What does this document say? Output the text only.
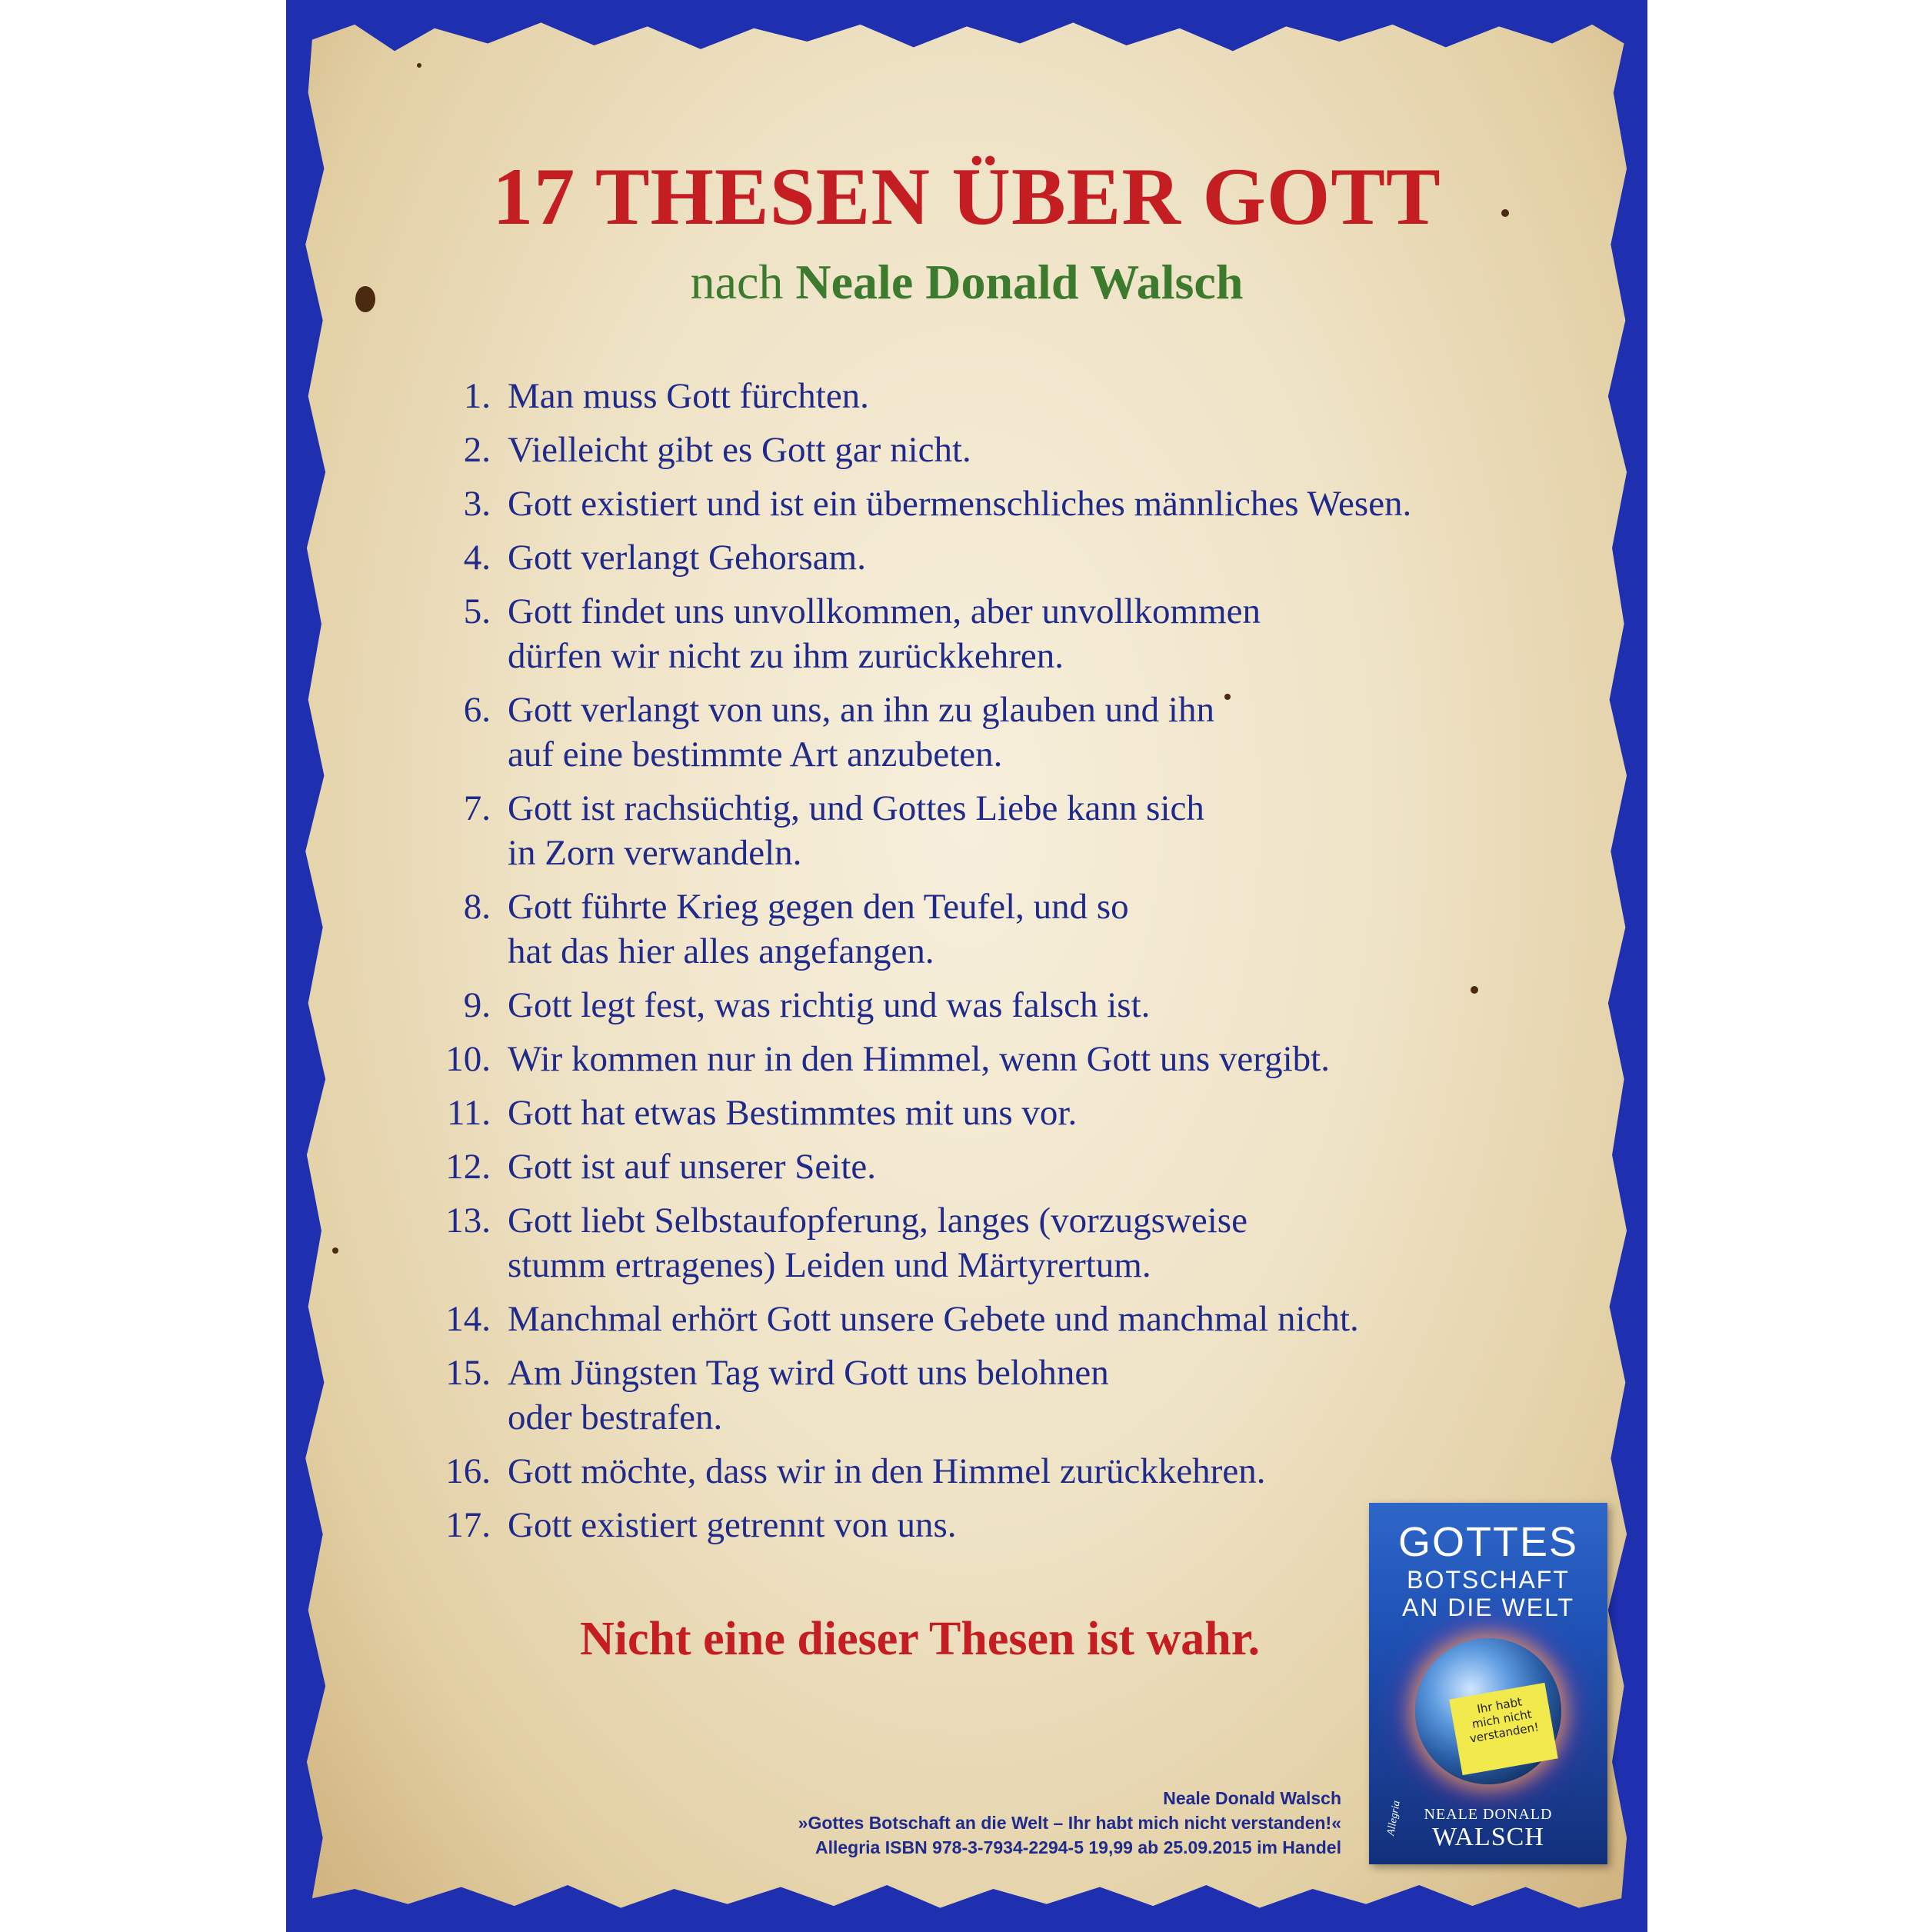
17 THESEN ÜBER GOTT
nach Neale Donald Walsch
1. Man muss Gott fürchten.
2. Vielleicht gibt es Gott gar nicht.
3. Gott existiert und ist ein übermenschliches männliches Wesen.
4. Gott verlangt Gehorsam.
5. Gott findet uns unvollkommen, aber unvollkommen
dürfen wir nicht zu ihm zurückkehren.
6. Gott verlangt von uns, an ihn zu glauben und ihn
auf eine bestimmte Art anzubeten.
7. Gott ist rachsüchtig, und Gottes Liebe kann sich
in Zorn verwandeln.
8. Gott führte Krieg gegen den Teufel, und so
hat das hier alles angefangen.
9. Gott legt fest, was richtig und was falsch ist.
10. Wir kommen nur in den Himmel, wenn Gott uns vergibt.
11. Gott hat etwas Bestimmtes mit uns vor.
12. Gott ist auf unserer Seite.
13. Gott liebt Selbstaufopferung, langes (vorzugsweise
stumm ertragenes) Leiden und Märtyrertum.
14. Manchmal erhört Gott unsere Gebete und manchmal nicht.
15. Am Jüngsten Tag wird Gott uns belohnen
oder bestrafen.
16. Gott möchte, dass wir in den Himmel zurückkehren.
17. Gott existiert getrennt von uns.
Nicht eine dieser Thesen ist wahr.
Neale Donald Walsch
»Gottes Botschaft an die Welt – Ihr habt mich nicht verstanden!«
Allegria ISBN 978-3-7934-2294-5 19,99 ab 25.09.2015 im Handel
GOTTES
BOTSCHAFT
AN DIE WELT
Ihr habt
mich nicht
verstanden!
Allegria	NEALE DONALD
WALSCH
